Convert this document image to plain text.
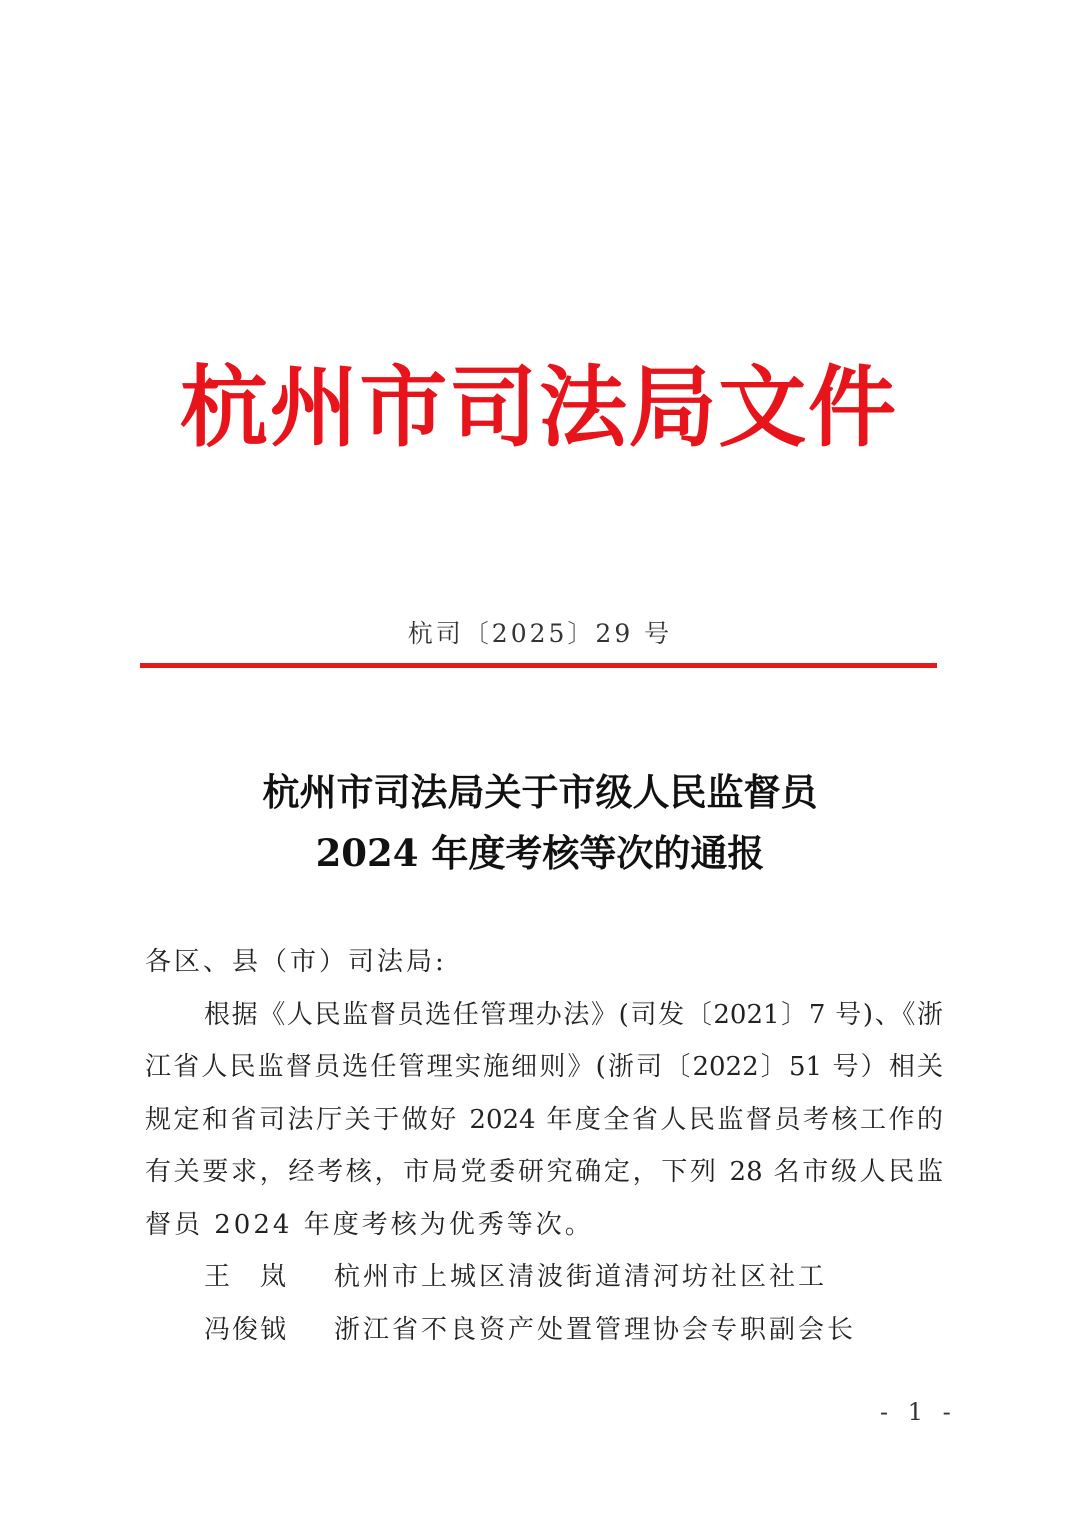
杭州市司法局文件
杭司〔2025〕29 号
杭州市司法局关于市级人民监督员
2024 年度考核等次的通报
各区、县（市）司法局:
根据《人民监督员选任管理办法》(司发〔2021〕7 号)、《浙
江省人民监督员选任管理实施细则》(浙司〔2022〕51 号）相关
规定和省司法厅关于做好 2024 年度全省人民监督员考核工作的
有关要求，经考核，市局党委研究确定，下列 28 名市级人民监
督员 2024 年度考核为优秀等次。
王　岚 杭州市上城区清波街道清河坊社区社工
冯俊钺 浙江省不良资产处置管理协会专职副会长
- 1 -
